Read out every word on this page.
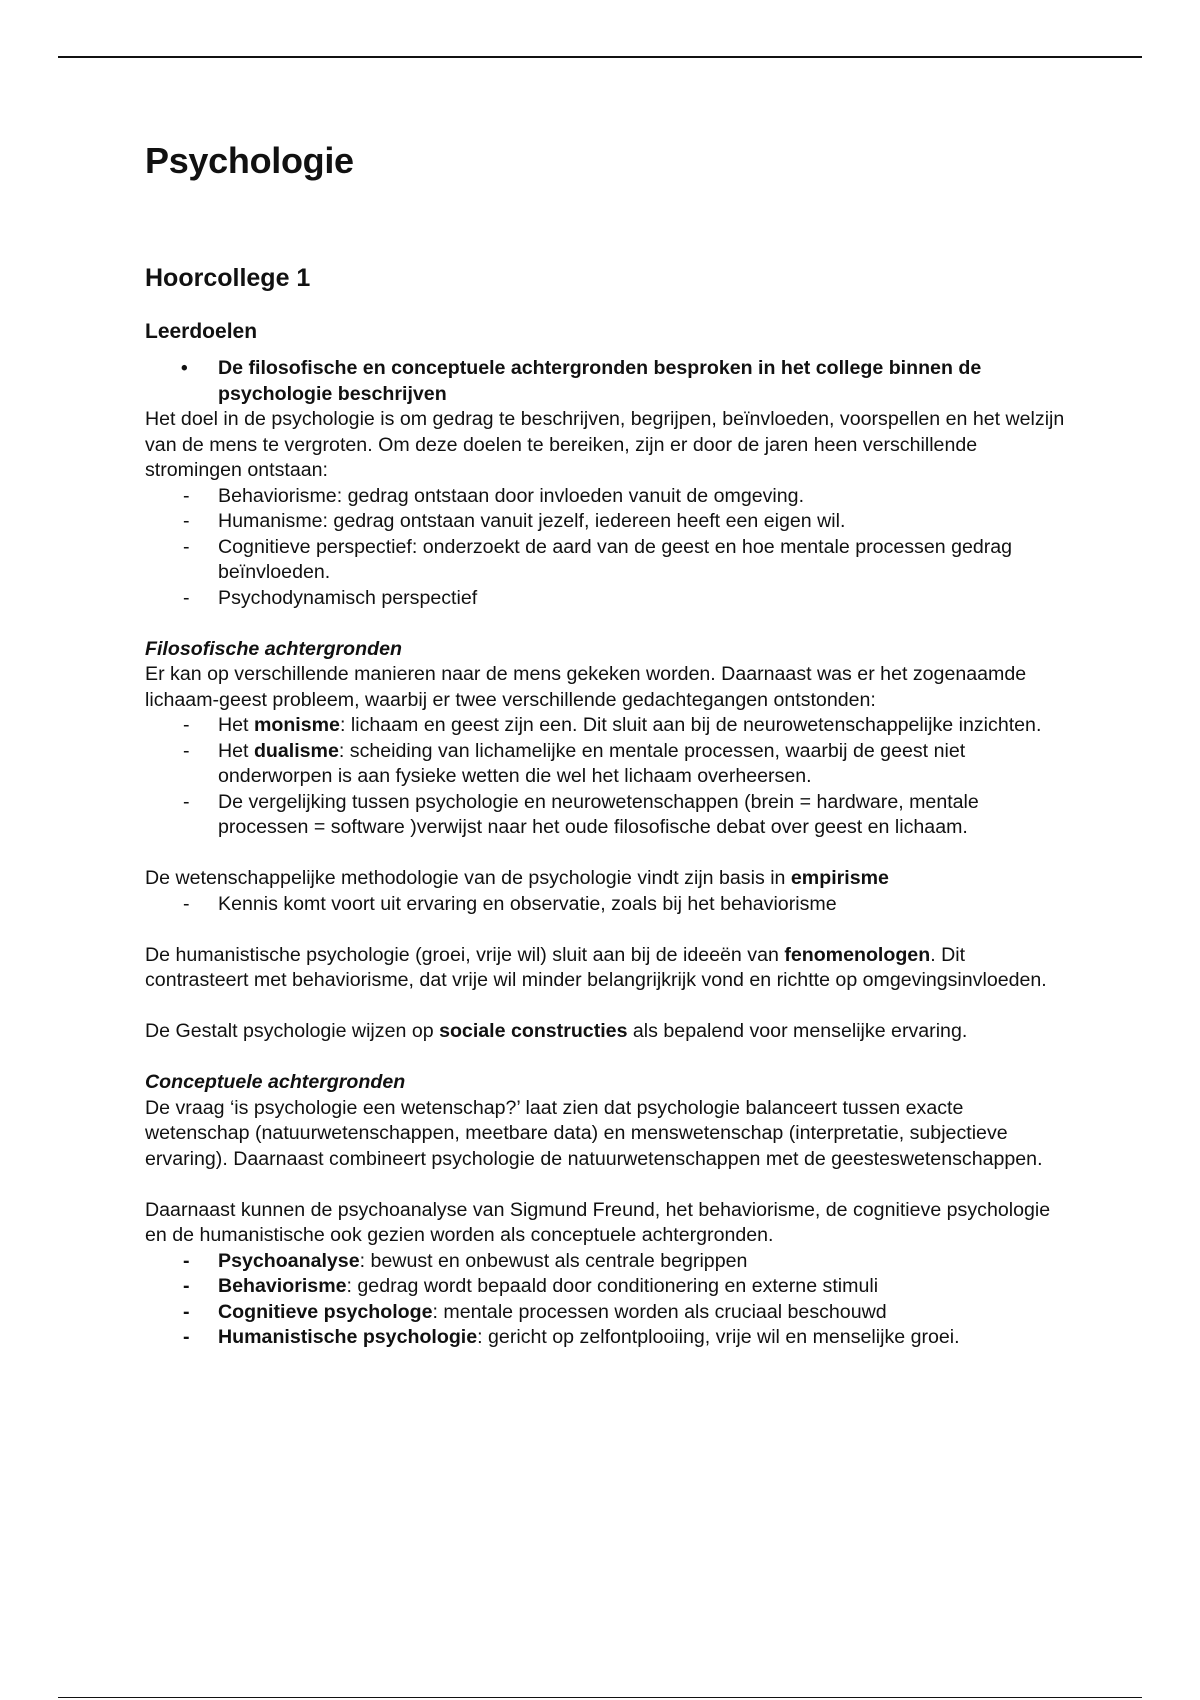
Psychologie
Hoorcollege 1
Leerdoelen
• De filosofische en conceptuele achtergronden besproken in het college binnen de psychologie beschrijven

Het doel in de psychologie is om gedrag te beschrijven, begrijpen, beïnvloeden, voorspellen en het welzijn van de mens te vergroten. Om deze doelen te bereiken, zijn er door de jaren heen verschillende stromingen ontstaan:

- Behaviorisme: gedrag ontstaan door invloeden vanuit de omgeving.
- Humanisme: gedrag ontstaan vanuit jezelf, iedereen heeft een eigen wil.
- Cognitieve perspectief: onderzoekt de aard van de geest en hoe mentale processen gedrag beïnvloeden.
- Psychodynamisch perspectief

Filosofische achtergronden

Er kan op verschillende manieren naar de mens gekeken worden. Daarnaast was er het zogenaamde lichaam-geest probleem, waarbij er twee verschillende gedachtegangen ontstonden:

- Het monisme: lichaam en geest zijn een. Dit sluit aan bij de neurowetenschappelijke inzichten.
- Het dualisme: scheiding van lichamelijke en mentale processen, waarbij de geest niet onderworpen is aan fysieke wetten die wel het lichaam overheersen.
- De vergelijking tussen psychologie en neurowetenschappen (brein = hardware, mentale processen = software )verwijst naar het oude filosofische debat over geest en lichaam.

De wetenschappelijke methodologie van de psychologie vindt zijn basis in empirisme

- Kennis komt voort uit ervaring en observatie, zoals bij het behaviorisme

De humanistische psychologie (groei, vrije wil) sluit aan bij de ideeën van fenomenologen. Dit contrasteert met behaviorisme, dat vrije wil minder belangrijkrijk vond en richtte op omgevingsinvloeden.

De Gestalt psychologie wijzen op sociale constructies als bepalend voor menselijke ervaring.

Conceptuele achtergronden

De vraag ‘is psychologie een wetenschap?’ laat zien dat psychologie balanceert tussen exacte wetenschap (natuurwetenschappen, meetbare data) en menswetenschap (interpretatie, subjectieve ervaring). Daarnaast combineert psychologie de natuurwetenschappen met de geesteswetenschappen.

Daarnaast kunnen de psychoanalyse van Sigmund Freund, het behaviorisme, de cognitieve psychologie en de humanistische ook gezien worden als conceptuele achtergronden.

- Psychoanalyse: bewust en onbewust als centrale begrippen
- Behaviorisme: gedrag wordt bepaald door conditionering en externe stimuli
- Cognitieve psychologe: mentale processen worden als cruciaal beschouwd
- Humanistische psychologie: gericht op zelfontplooiing, vrije wil en menselijke groei.
